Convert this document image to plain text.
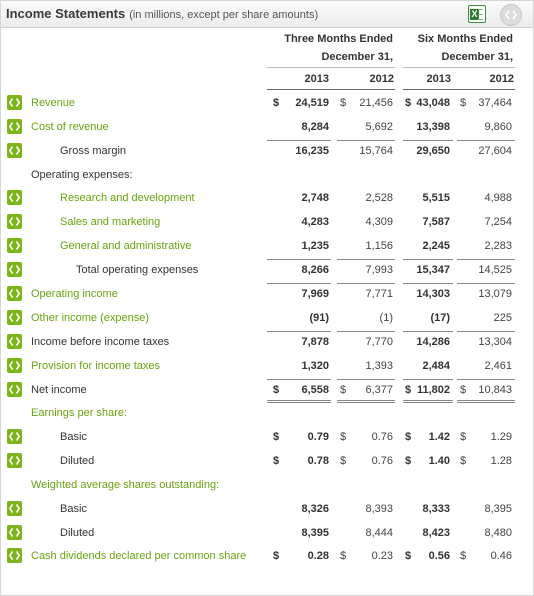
Income Statements (in millions, except per share amounts)	X
Three Months Ended
December 31,
Six Months Ended
December 31,
2013	2012	2013	2012
Revenue	$ 24,519 $ 21,456 $ 43,048 $ 37,464
Cost of revenue	8,284	5,692 13,398	9,860
Gross margin	16,235	15,764 29,650	27,604
Operating expenses:
Research and development	2,748	2,528	5,515	4,988
Sales and marketing	4,283	4,309	7,587	7,254
General and administrative	1,235	1,156	2,245	2,283
Total operating expenses	8,266	7,993 15,347	14,525
Operating income	7,969	7,771 14,303	13,079
Other income (expense)	(91)	(1)	(17)	225
Income before income taxes	7,878	7,770 14,286	13,304
Provision for income taxes	1,320	1,393	2,484	2,461
Net income	$ 6,558 $ 6,377 $ 11,802 $ 10,843
Earnings per share:
Basic	$	0.79 $ 0.76 $ 1.42 $ 1.29
Diluted	$	0.78 $ 0.76 $ 1.40 $ 1.28
Weighted average shares outstanding:
Basic	8,326	8,393	8,333	8,395
Diluted	8,395	8,444	8,423	8,480
Cash dividends declared per common share $	0.28 $ 0.23 $ 0.56 $ 0.46
